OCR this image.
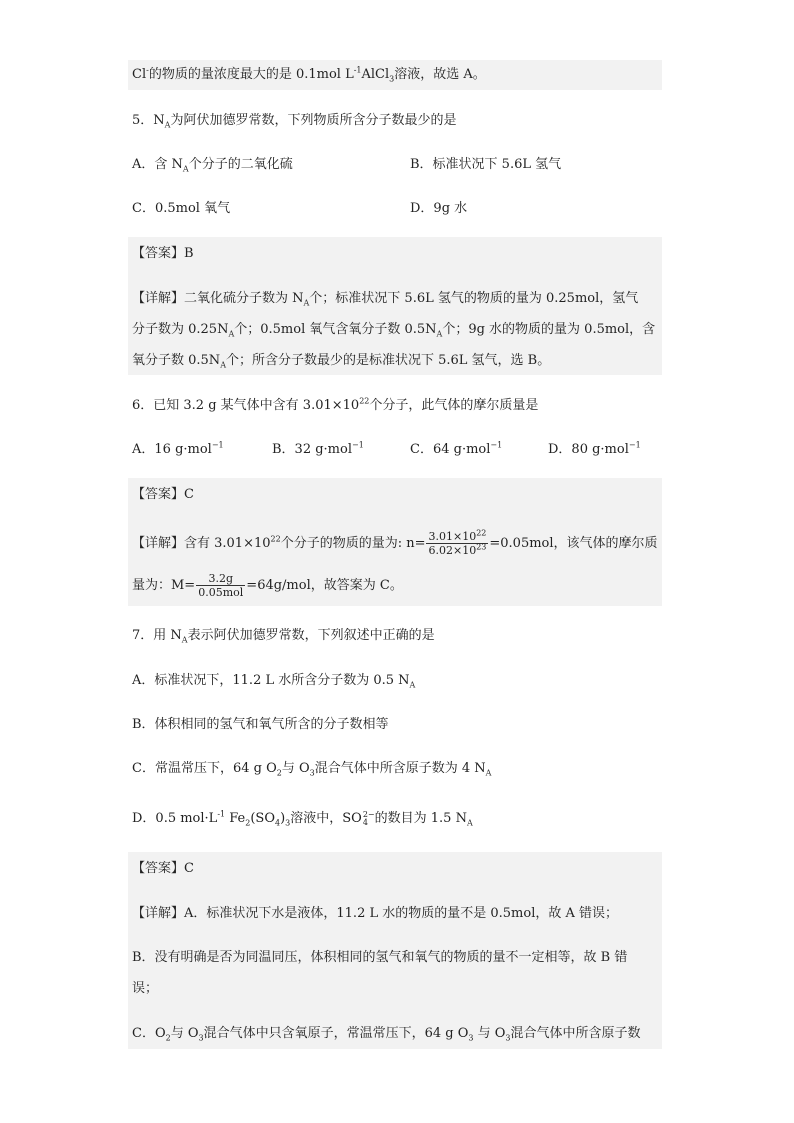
Cl-的物质的量浓度最大的是 0.1mol $L^{-1}AlCl_3$溶液，故选 A。
5．$N_A$为阿伏加德罗常数，下列物质所含分子数最少的是
A．含 $N_A$个分子的二氧化硫	B．标准状况下 5.6L 氢气
C．0.5mol 氧气	D．9g 水
【答案】B
【详解】二氧化硫分子数为 $N_A$个；标准状况下 5.6L 氢气的物质的量为 0.25mol，氢气
分子数为 $0.25N_A$个；0.5mol 氧气含氧分子数 $0.5N_A$个；9g 水的物质的量为 0.5mol，含
氧分子数 $0.5N_A$个；所含分子数最少的是标准状况下 5.6L 氢气，选 B。
6．已知 3.2 g 某气体中含有 $3.01\times 10^{22}$个分子，此气体的摩尔质量是
A．16 g·mol$^{-1}$	B．32 g·mol$^{-1}$	C．64 g·mol$^{-1}$	D．80 g·mol$^{-1}$
【答案】C
【详解】含有 $3.01\times 10^{22}$个分子的物质的量为: $n= \frac{3.01\times 10^{22}}{6.02\times 10^{23}} =0.05mol$，该气体的摩尔质
量为：$M= \frac{3.2g}{\text{0.05mol}} =64g/mol$，故答案为 C。
7．用 $N_A$表示阿伏加德罗常数，下列叙述中正确的是
A．标准状况下，11.2 L 水所含分子数为 0.5 $N_A$
B．体积相同的氢气和氧气所含的分子数相等
C．常温常压下，64 g $O_2$与 $O_3$混合气体中所含原子数为 4 $N_A$
D．0.5 $mol\cdot L^{-1}$ $Fe_2(SO_4)_3$溶液中，SO 2−
4 的数目为 1.5 $N_A$
【答案】C
【详解】A．标准状况下水是液体，11.2 L 水的物质的量不是 0.5mol，故 A 错误；
B．没有明确是否为同温同压，体积相同的氢气和氧气的物质的量不一定相等，故 B 错
误；
C．$O_2$与 $O_3$混合气体中只含氧原子，常温常压下，64 g $O_3$ 与 $O_3$混合气体中所含原子数
